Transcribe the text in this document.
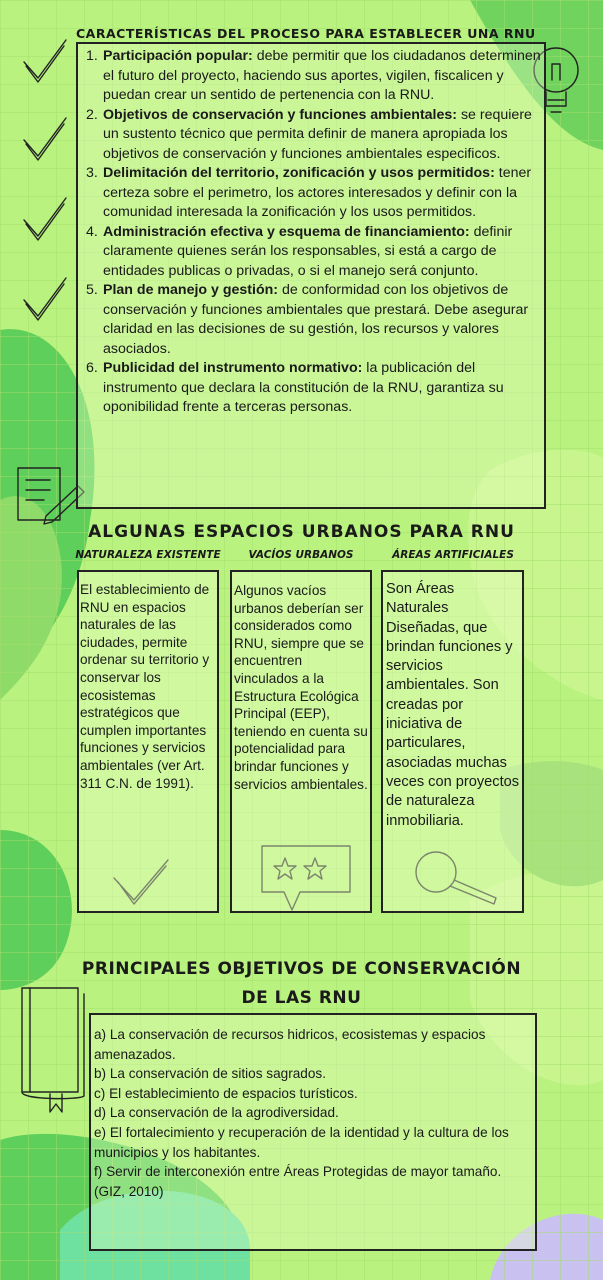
CARACTERÍSTICAS DEL PROCESO PARA ESTABLECER UNA RNU
1. Participación popular: debe permitir que los ciudadanos determinen el futuro del proyecto, haciendo sus aportes, vigilen, fiscalicen y puedan crear un sentido de pertenencia con la RNU.
2. Objetivos de conservación y funciones ambientales: se requiere un sustento técnico que permita definir de manera apropiada los objetivos de conservación y funciones ambientales especificos.
3. Delimitación del territorio, zonificación y usos permitidos: tener certeza sobre el perimetro, los actores interesados y definir con la comunidad interesada la zonificación y los usos permitidos.
4. Administración efectiva y esquema de financiamiento: definir claramente quienes serán los responsables, si está a cargo de entidades publicas o privadas, o si el manejo será conjunto.
5. Plan de manejo y gestión: de conformidad con los objetivos de conservación y funciones ambientales que prestará. Debe asegurar claridad en las decisiones de su gestión, los recursos y valores asociados.
6. Publicidad del instrumento normativo: la publicación del instrumento que declara la constitución de la RNU, garantiza su oponibilidad frente a terceras personas.
ALGUNAS ESPACIOS URBANOS PARA RNU
NATURALEZA EXISTENTE	VACÍOS URBANOS	ÁREAS ARTIFICIALES
El establecimiento de RNU en espacios naturales de las ciudades, permite ordenar su territorio y conservar los ecosistemas estratégicos que cumplen importantes funciones y servicios ambientales (ver Art. 311 C.N. de 1991).
Algunos vacíos urbanos deberían ser considerados como RNU, siempre que se encuentren vinculados a la Estructura Ecológica Principal (EEP), teniendo en cuenta su potencialidad para brindar funciones y servicios ambientales.
Son Áreas Naturales Diseñadas, que brindan funciones y servicios ambientales. Son creadas por iniciativa de particulares, asociadas muchas veces con proyectos de naturaleza inmobiliaria.
PRINCIPALES OBJETIVOS DE CONSERVACIÓN
DE LAS RNU
a) La conservación de recursos hidricos, ecosistemas y espacios amenazados.
b) La conservación de sitios sagrados.
c) El establecimiento de espacios turísticos.
d) La conservación de la agrodiversidad.
e) El fortalecimiento y recuperación de la identidad y la cultura de los municipios y los habitantes.
f) Servir de interconexión entre Áreas Protegidas de mayor tamaño.
(GIZ, 2010)
